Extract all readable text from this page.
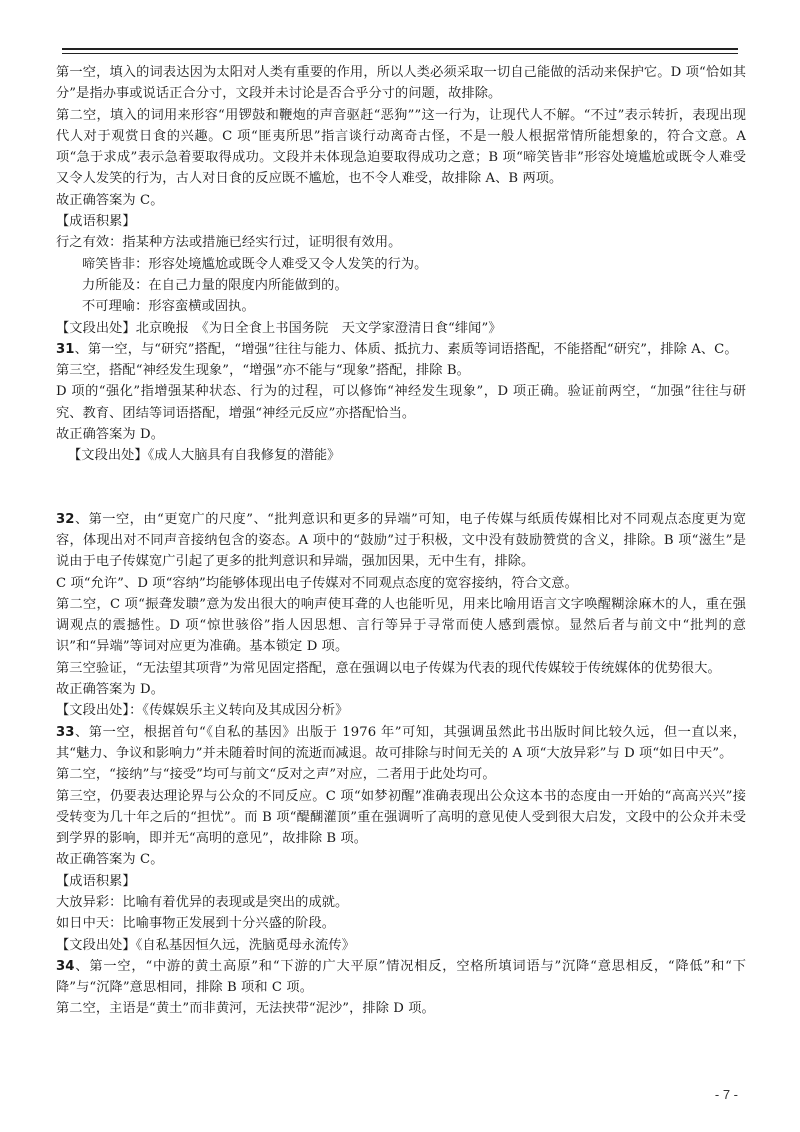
第一空，填入的词表达因为太阳对人类有重要的作用，所以人类必须采取一切自己能做的活动来保护它。D 项“恰如其分”是指办事或说话正合分寸，文段并未讨论是否合乎分寸的问题，故排除。

第二空，填入的词用来形容“用锣鼓和鞭炮的声音驱赶“恶狗””这一行为，让现代人不解。“不过”表示转折，表现出现代人对于观赏日食的兴趣。C 项“匪夷所思”指言谈行动离奇古怪，不是一般人根据常情所能想象的，符合文意。A 项“急于求成”表示急着要取得成功。文段并未体现急迫要取得成功之意；B 项“啼笑皆非”形容处境尴尬或既令人难受又令人发笑的行为，古人对日食的反应既不尴尬，也不令人难受，故排除 A、B 两项。

故正确答案为 C。

【成语积累】

行之有效：指某种方法或措施已经实行过，证明很有效用。

啼笑皆非：形容处境尴尬或既令人难受又令人发笑的行为。

力所能及：在自己力量的限度内所能做到的。

不可理喻：形容蛮横或固执。

【文段出处】北京晚报　《为日全食上书国务院　天文学家澄清日食“绯闻”》

31、第一空，与“研究”搭配，“增强”往往与能力、体质、抵抗力、素质等词语搭配，不能搭配“研究”，排除 A、C。

第三空，搭配“神经发生现象”，“增强”亦不能与“现象”搭配，排除 B。

D 项的“强化”指增强某种状态、行为的过程，可以修饰“神经发生现象”，D 项正确。验证前两空，“加强”往往与研究、教育、团结等词语搭配，增强“神经元反应”亦搭配恰当。

故正确答案为 D。

【文段出处】《成人大脑具有自我修复的潜能》

32、第一空，由“更宽广的尺度”、“批判意识和更多的异端”可知，电子传媒与纸质传媒相比对不同观点态度更为宽容，体现出对不同声音接纳包含的姿态。A 项中的“鼓励”过于积极，文中没有鼓励赞赏的含义，排除。B 项“滋生”是说由于电子传媒宽广引起了更多的批判意识和异端，强加因果，无中生有，排除。

C 项“允许”、D 项“容纳”均能够体现出电子传媒对不同观点态度的宽容接纳，符合文意。

第二空，C 项“振聋发聩”意为发出很大的响声使耳聋的人也能听见，用来比喻用语言文字唤醒糊涂麻木的人，重在强调观点的震撼性。D 项“惊世骇俗”指人因思想、言行等异于寻常而使人感到震惊。显然后者与前文中“批判的意识”和“异端”等词对应更为准确。基本锁定 D 项。

第三空验证，“无法望其项背”为常见固定搭配，意在强调以电子传媒为代表的现代传媒较于传统媒体的优势很大。

故正确答案为 D。

【文段出处】：《传媒娱乐主义转向及其成因分析》

33、第一空，根据首句“《自私的基因》出版于 1976 年”可知，其强调虽然此书出版时间比较久远，但一直以来，其“魅力、争议和影响力”并未随着时间的流逝而减退。故可排除与时间无关的 A 项“大放异彩”与 D 项“如日中天”。

第二空，“接纳”与“接受”均可与前文“反对之声”对应，二者用于此处均可。

第三空，仍要表达理论界与公众的不同反应。C 项“如梦初醒”准确表现出公众这本书的态度由一开始的“高高兴兴”接受转变为几十年之后的“担忧”。而 B 项“醍醐灌顶”重在强调听了高明的意见使人受到很大启发，文段中的公众并未受到学界的影响，即并无“高明的意见”，故排除 B 项。

故正确答案为 C。

【成语积累】

大放异彩：比喻有着优异的表现或是突出的成就。

如日中天：比喻事物正发展到十分兴盛的阶段。

【文段出处】《自私基因恒久远，洗脑觅母永流传》

34、第一空，“中游的黄土高原”和“下游的广大平原”情况相反，空格所填词语与”沉降“意思相反，“降低”和“下降”与“沉降”意思相同，排除 B 项和 C 项。

第二空，主语是“黄土”而非黄河，无法挟带“泥沙”，排除 D 项。

- 7 -
